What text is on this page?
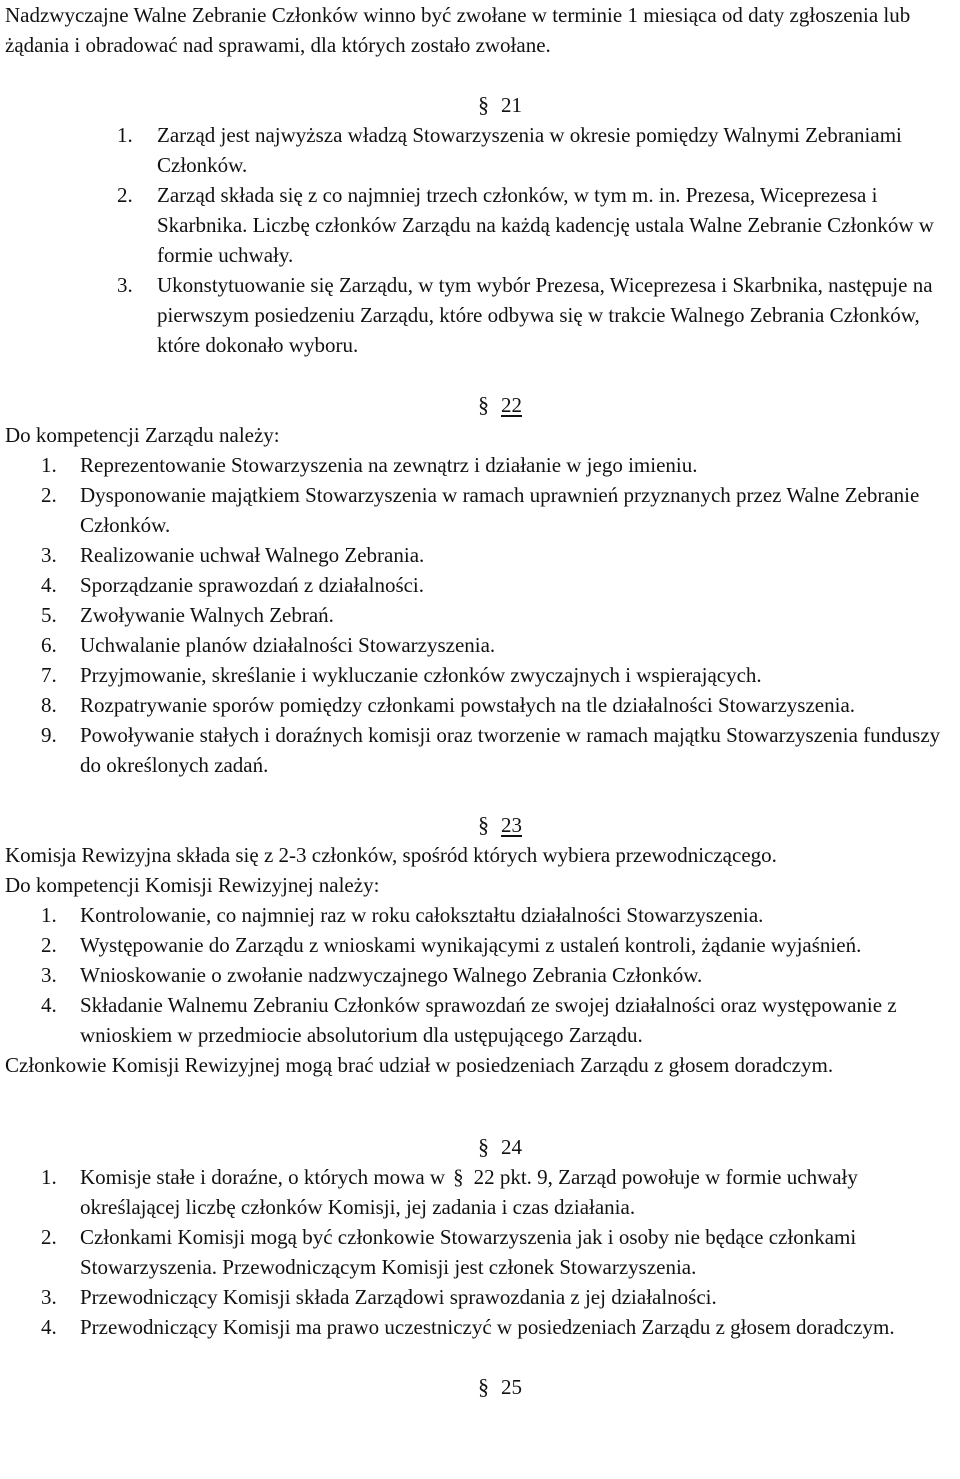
Nadzwyczajne Walne Zebranie Członków winno być zwołane w terminie 1 miesiąca od daty zgłoszenia lub żądania i obradować nad sprawami, dla których zostało zwołane.

§ 21

1. Zarząd jest najwyższa władzą Stowarzyszenia w okresie pomiędzy Walnymi Zebraniami Członków.
2. Zarząd składa się z co najmniej trzech członków, w tym m. in. Prezesa, Wiceprezesa i Skarbnika. Liczbę członków Zarządu na każdą kadencję ustala Walne Zebranie Członków w formie uchwały.
3. Ukonstytuowanie się Zarządu, w tym wybór Prezesa, Wiceprezesa i Skarbnika, następuje na pierwszym posiedzeniu Zarządu, które odbywa się w trakcie Walnego Zebrania Członków, które dokonało wyboru.

§ 22

Do kompetencji Zarządu należy:

1. Reprezentowanie Stowarzyszenia na zewnątrz i działanie w jego imieniu.
2. Dysponowanie majątkiem Stowarzyszenia w ramach uprawnień przyznanych przez Walne Zebranie Członków.
3. Realizowanie uchwał Walnego Zebrania.
4. Sporządzanie sprawozdań z działalności.
5. Zwoływanie Walnych Zebrań.
6. Uchwalanie planów działalności Stowarzyszenia.
7. Przyjmowanie, skreślanie i wykluczanie członków zwyczajnych i wspierających.
8. Rozpatrywanie sporów pomiędzy członkami powstałych na tle działalności Stowarzyszenia.
9. Powoływanie stałych i doraźnych komisji oraz tworzenie w ramach majątku Stowarzyszenia funduszy do określonych zadań.

§ 23

Komisja Rewizyjna składa się z 2-3 członków, spośród których wybiera przewodniczącego.

Do kompetencji Komisji Rewizyjnej należy:

1. Kontrolowanie, co najmniej raz w roku całokształtu działalności Stowarzyszenia.
2. Występowanie do Zarządu z wnioskami wynikającymi z ustaleń kontroli, żądanie wyjaśnień.
3. Wnioskowanie o zwołanie nadzwyczajnego Walnego Zebrania Członków.
4. Składanie Walnemu Zebraniu Członków sprawozdań ze swojej działalności oraz występowanie z wnioskiem w przedmiocie absolutorium dla ustępującego Zarządu.

Członkowie Komisji Rewizyjnej mogą brać udział w posiedzeniach Zarządu z głosem doradczym.

§ 24

1. Komisje stałe i doraźne, o których mowa w § 22 pkt. 9, Zarząd powołuje w formie uchwały określającej liczbę członków Komisji, jej zadania i czas działania.
2. Członkami Komisji mogą być członkowie Stowarzyszenia jak i osoby nie będące członkami Stowarzyszenia. Przewodniczącym Komisji jest członek Stowarzyszenia.
3. Przewodniczący Komisji składa Zarządowi sprawozdania z jej działalności.
4. Przewodniczący Komisji ma prawo uczestniczyć w posiedzeniach Zarządu z głosem doradczym.

§ 25
